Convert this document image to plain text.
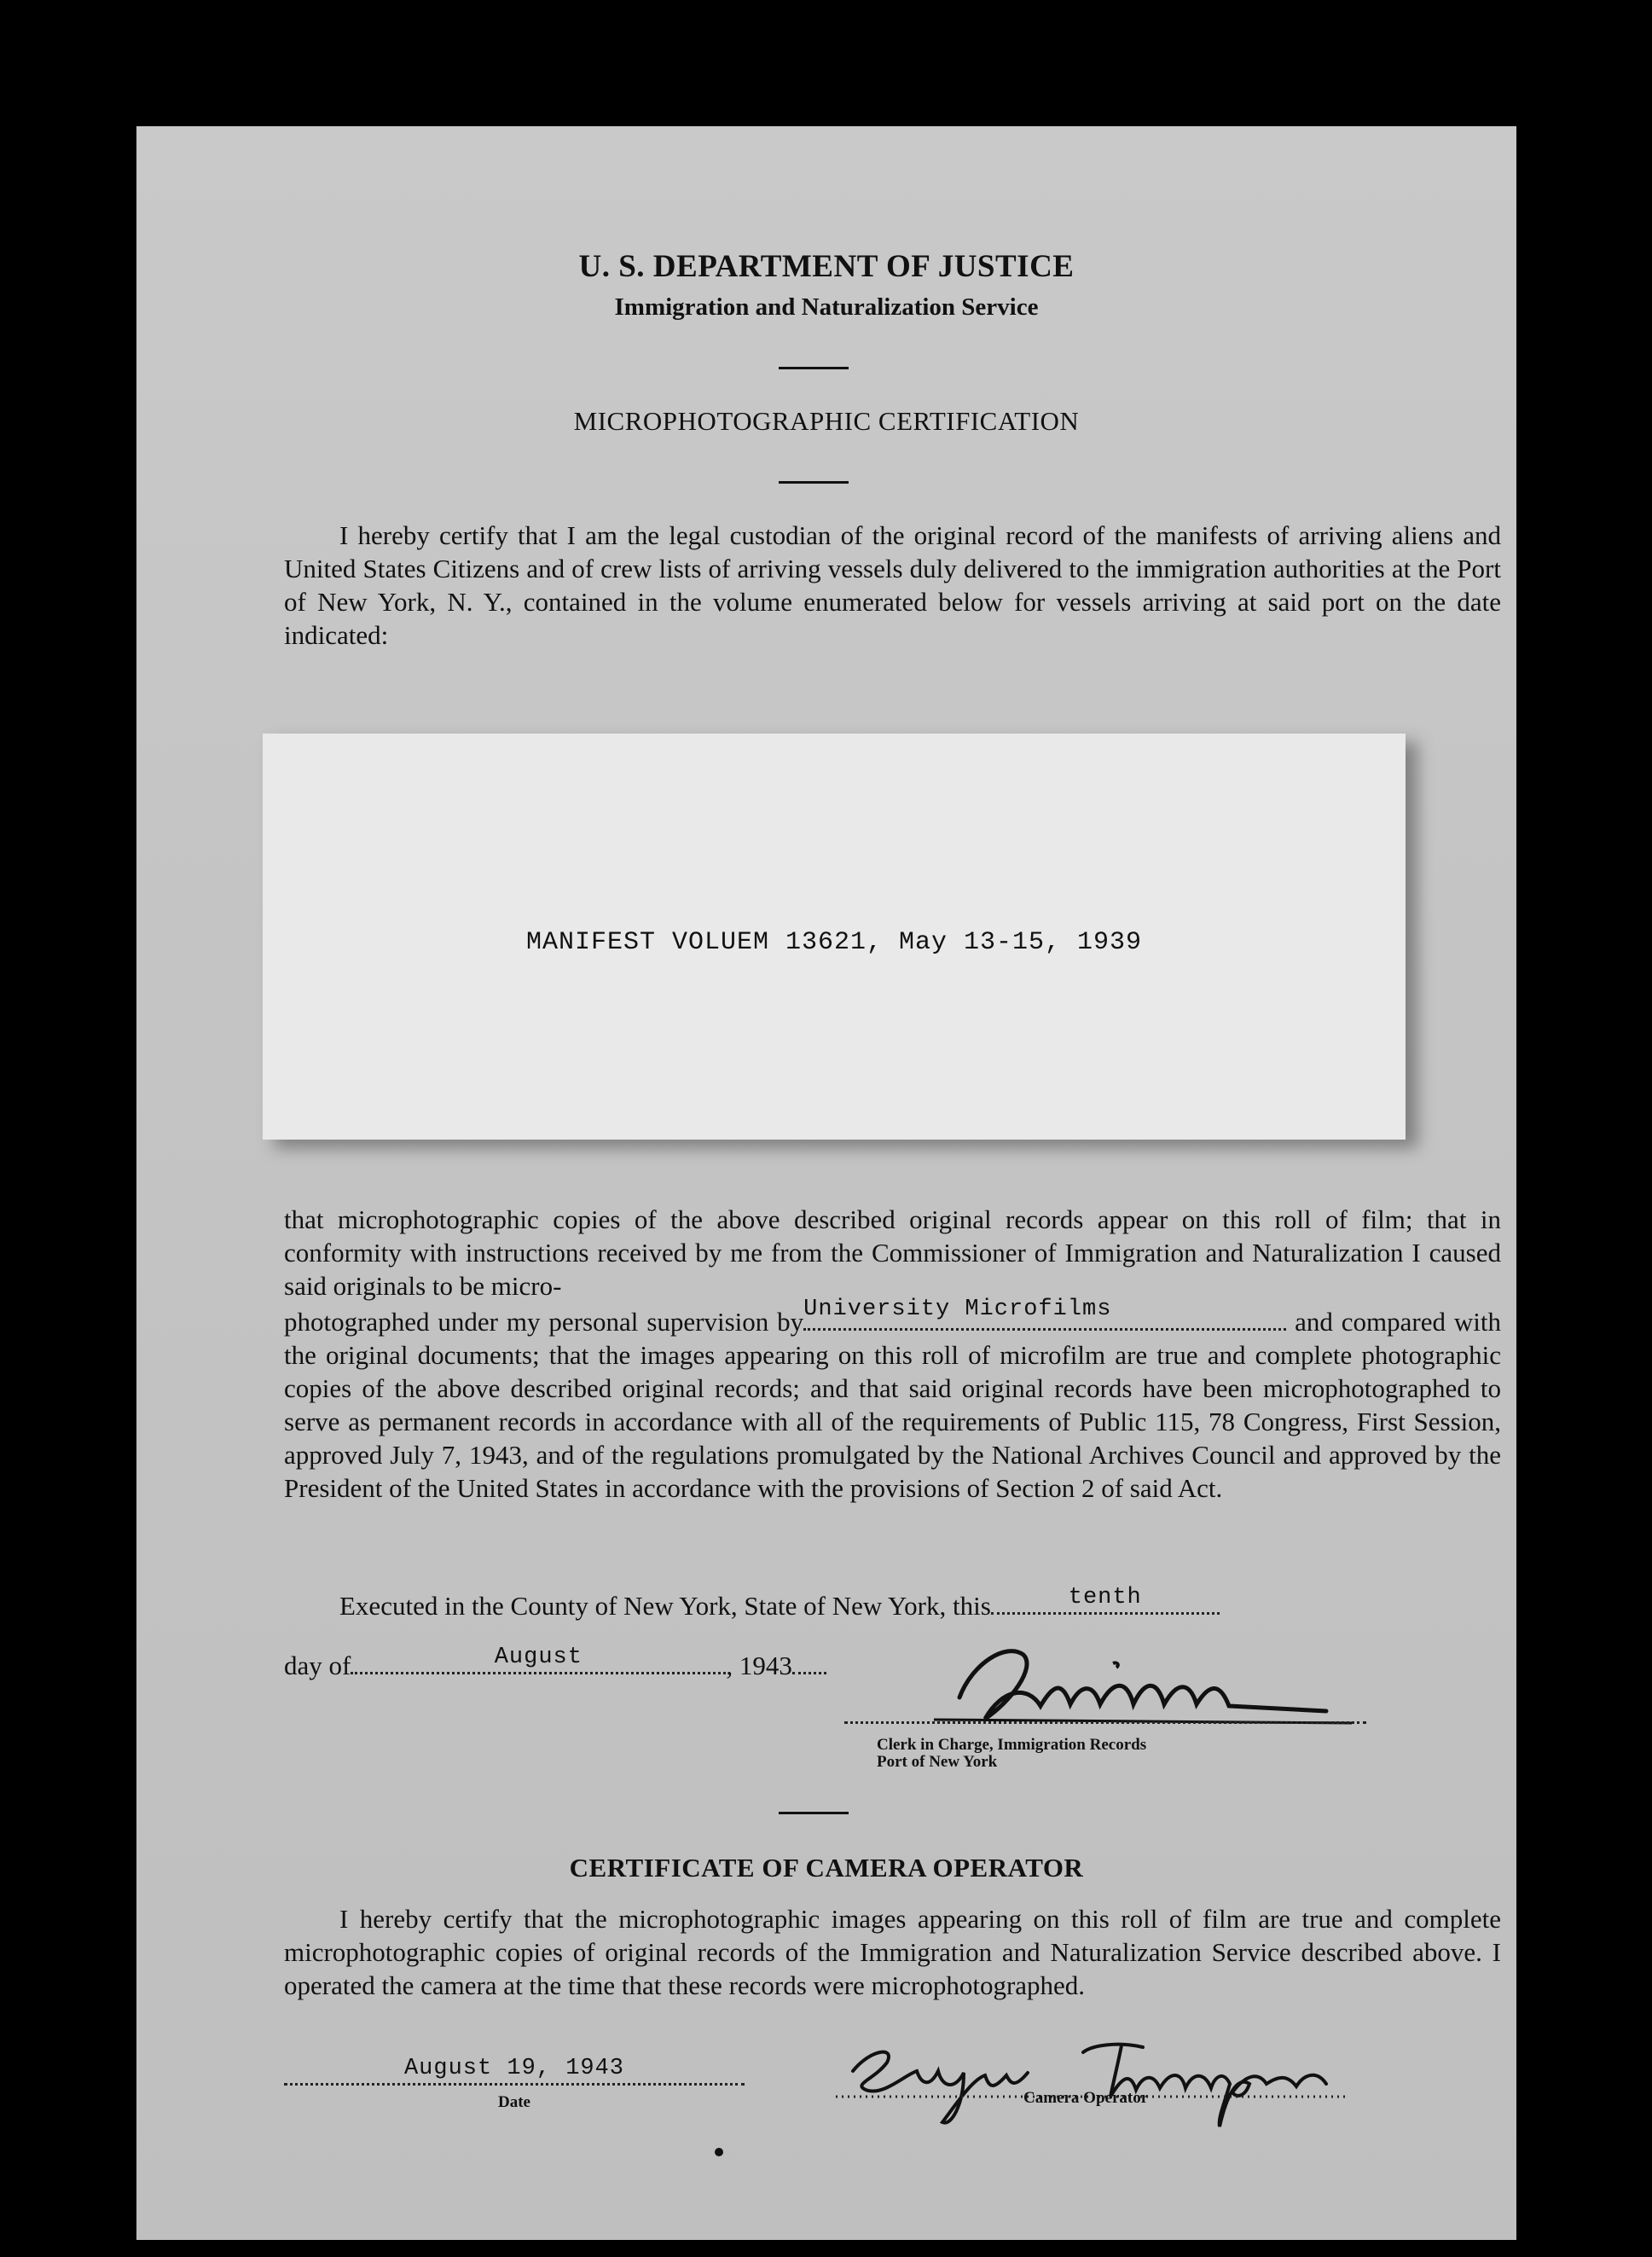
U. S. DEPARTMENT OF JUSTICE
Immigration and Naturalization Service
MICROPHOTOGRAPHIC CERTIFICATION
I hereby certify that I am the legal custodian of the original record of the manifests of arriving aliens and United States Citizens and of crew lists of arriving vessels duly delivered to the immigration authorities at the Port of New York, N. Y., contained in the volume enumerated below for vessels arriving at said port on the date indicated:
MANIFEST VOLUEM 13621, May 13-15, 1939
that microphotographic copies of the above described original records appear on this roll of film; that in conformity with instructions received by me from the Commissioner of Immigration and Naturalization I caused said originals to be micro-
photographed under my personal supervision by University Microfilms	and compared with the original documents; that the images appearing on this roll of microfilm are true and complete photographic copies of the above described original records; and that said original records have been microphotographed to serve as permanent records in accordance with all of the requirements of Public 115, 78 Congress, First Session, approved July 7, 1943, and of the regulations promulgated by the National Archives Council and approved by the President of the United States in accordance with the provisions of Section 2 of said Act.
Executed in the County of New York, State of New York, this	tenth
day of	August	, 1943
Clerk in Charge, Immigration Records
Port of New York
CERTIFICATE OF CAMERA OPERATOR
I hereby certify that the microphotographic images appearing on this roll of film are true and complete microphotographic copies of original records of the Immigration and Naturalization Service described above. I operated the camera at the time that these records were microphotographed.
August 19, 1943
Date	Camera Operator
